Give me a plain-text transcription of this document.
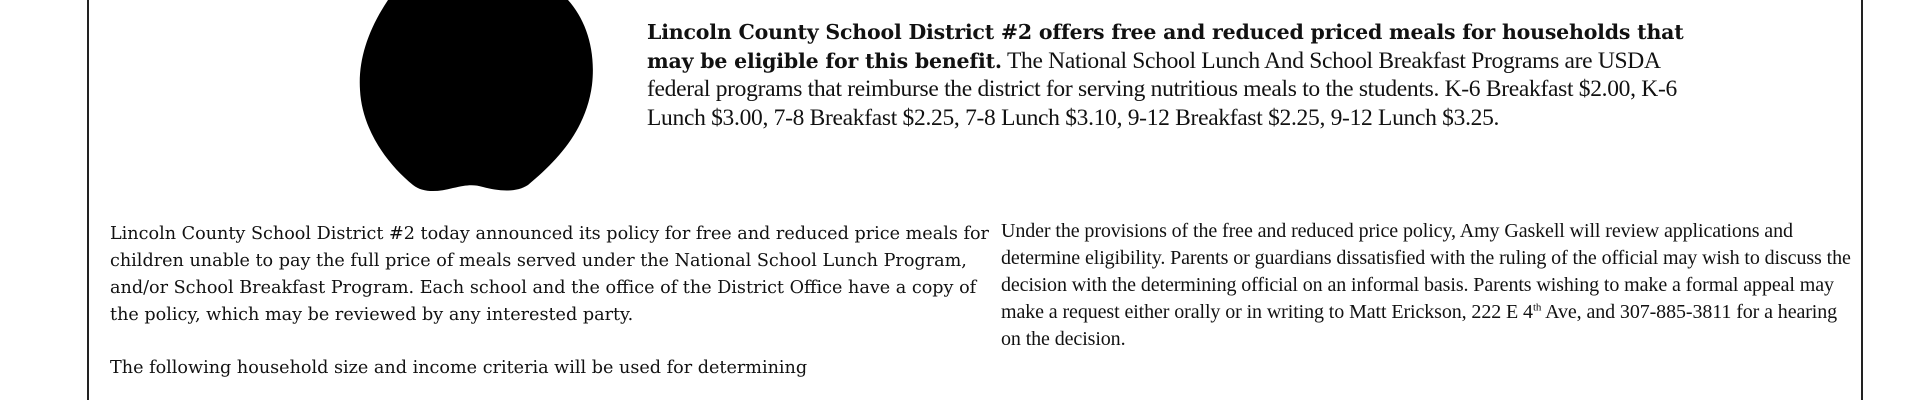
Lincoln County School District #2 offers free and reduced priced meals for households that may be eligible for this benefit. The National School Lunch And School Breakfast Programs are USDA federal programs that reimburse the district for serving nutritious meals to the students. K-6 Breakfast $2.00, K-6 Lunch $3.00, 7-8 Breakfast $2.25, 7-8 Lunch $3.10, 9-12 Breakfast $2.25, 9-12 Lunch $3.25.

Lincoln County School District #2 today announced its policy for free and reduced price meals for children unable to pay the full price of meals served under the National School Lunch Program, and/or School Breakfast Program. Each school and the office of the District Office have a copy of the policy, which may be reviewed by any interested party.

The following household size and income criteria will be used for determining

Under the provisions of the free and reduced price policy, Amy Gaskell will review applications and determine eligibility. Parents or guardians dissatisfied with the ruling of the official may wish to discuss the decision with the determining official on an informal basis. Parents wishing to make a formal appeal may make a request either orally or in writing to Matt Erickson, 222 E 4th Ave, and 307-885-3811 for a hearing on the decision.
